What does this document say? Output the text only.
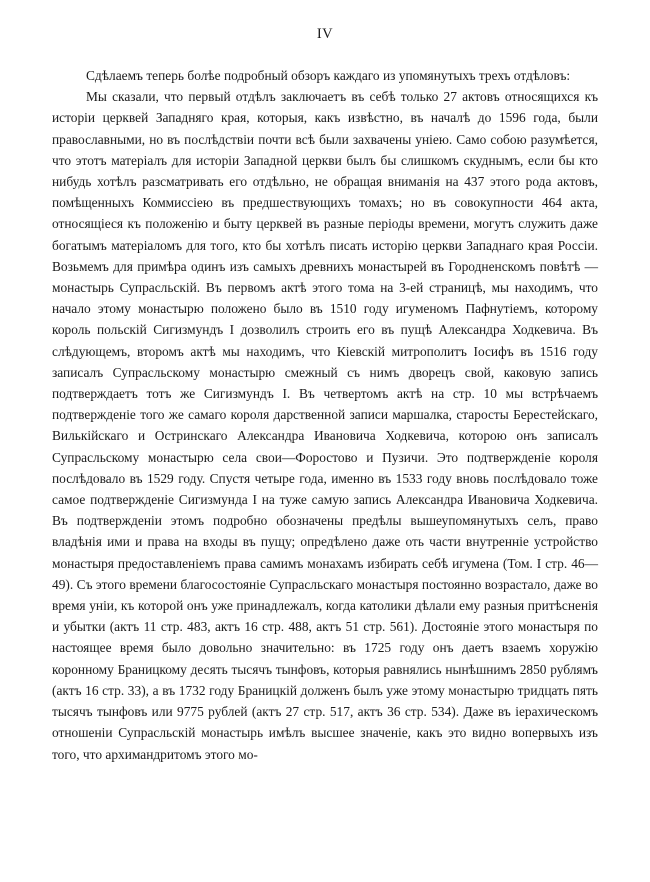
IV

Сдѣлаемъ теперь болѣе подробный обзоръ каждаго из упомянутыхъ трехъ отдѣловъ:

Мы сказали, что первый отдѣлъ заключаетъ въ себѣ только 27 актовъ относящихся къ исторіи церквей Западняго края, которыя, какъ извѣстно, въ началѣ до 1596 года, были православными, но въ послѣдствіи почти всѣ были захвачены уніею. Само собою разумѣется, что этотъ матеріалъ для исторіи Западной церкви былъ бы слишкомъ скуднымъ, если бы кто нибудь хотѣлъ разсматривать его отдѣльно, не обращая вниманія на 437 этого рода актовъ, помѣщенныхъ Коммиссіею въ предшествующихъ томахъ; но въ совокупности 464 акта, относящіеся къ положенію и быту церквей въ разные періоды времени, могутъ служить даже богатымъ матеріаломъ для того, кто бы хотѣлъ писать исторію церкви Западнаго края Россіи. Возьмемъ для примѣра одинъ изъ самыхъ древнихъ монастырей въ Городненскомъ повѣтѣ — монастырь Супрасльскій. Въ первомъ актѣ этого тома на 3-ей страницѣ, мы находимъ, что начало этому монастырю положено было въ 1510 году игуменомъ Пафнутіемъ, которому король польскій Сигизмундъ I дозволилъ строить его въ пущѣ Александра Ходкевича. Въ слѣдующемъ, второмъ актѣ мы находимъ, что Кіевскій митрополитъ Іосифъ въ 1516 году записалъ Супрасльскому монастырю смежный съ нимъ дворецъ свой, каковую запись подтверждаетъ тотъ же Сигизмундъ I. Въ четвертомъ актѣ на стр. 10 мы встрѣчаемъ подтвержденіе того же самаго короля дарственной записи маршалка, старосты Берестейскаго, Вилькійскаго и Остринскаго Александра Ивановича Ходкевича, которою онъ записалъ Супрасльскому монастырю села свои—Форостово и Пузичи. Это подтвержденіе короля послѣдовало въ 1529 году. Спустя четыре года, именно въ 1533 году вновь послѣдовало тоже самое подтвержденіе Сигизмунда I на туже самую запись Александра Ивановича Ходкевича. Въ подтвержденіи этомъ подробно обозначены предѣлы вышеупомянутыхъ селъ, право владѣнія ими и права на входы въ пущу; опредѣлено даже оть части внутренніе устройство монастыря предоставленіемъ права самимъ монахамъ избирать себѣ игумена (Том. I стр. 46—49). Съ этого времени благосостояніе Супрасльскаго монастыря постоянно возрастало, даже во время уніи, къ которой онъ уже принадлежалъ, когда католики дѣлали ему разныя притѣсненія и убытки (актъ 11 стр. 483, актъ 16 стр. 488, актъ 51 стр. 561). Достояніе этого монастыря по настоящее время было довольно значительно: въ 1725 году онъ даетъ взаемъ хоружію коронному Браницкому десять тысячъ тынфовъ, которыя равнялись нынѣшнимъ 2850 рублямъ (актъ 16 стр. 33), а въ 1732 году Браницкій долженъ былъ уже этому монастырю тридцать пять тысячъ тынфовъ или 9775 рублей (актъ 27 стр. 517, актъ 36 стр. 534). Даже въ іерахическомъ отношеніи Супрасльскій монастырь имѣлъ высшее значеніе, какъ это видно вопервыхъ изъ того, что архимандритомъ этого мо-
